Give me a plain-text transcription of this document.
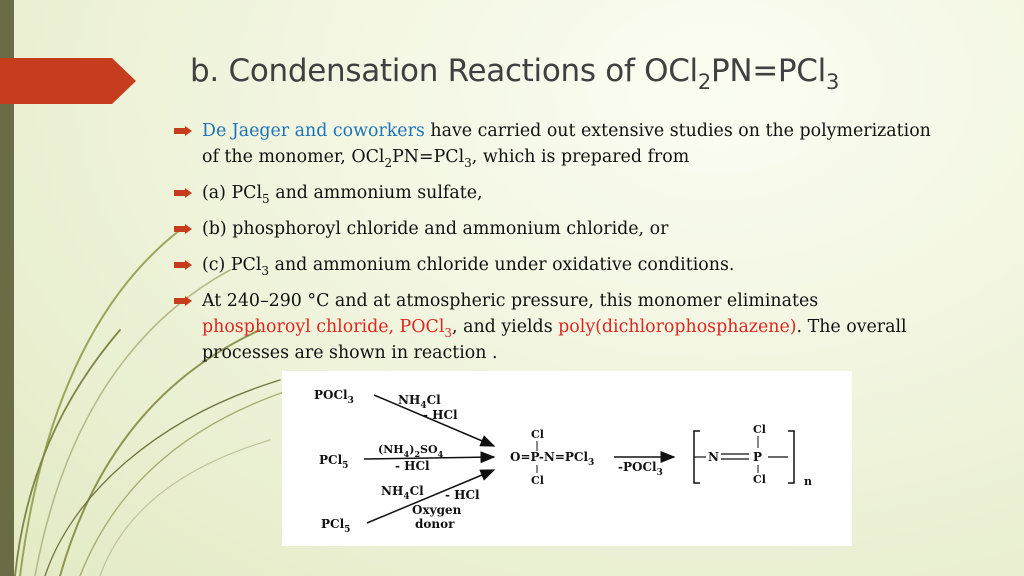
b. Condensation Reactions of OCl$_2$PN=PCl$_3$
De Jaeger and coworkers have carried out extensive studies on the polymerization of the monomer, OCl$_2$PN=PCl$_3$, which is prepared from
(a) PCl$_5$ and ammonium sulfate,
(b) phosphoroyl chloride and ammonium chloride, or
(c) PCl$_3$ and ammonium chloride under oxidative conditions.
At 240–290 °C and at atmospheric pressure, this monomer eliminates phosphoroyl chloride, POCl$_3$, and yields poly(dichlorophosphazene). The overall processes are shown in reaction .
POCl$_3$
PCl$_5$
PCl$_5$
$NH_4Cl$
- HCl
$(NH_4)_2SO_4$
- HCl
$NH_4Cl$ - HCl
Oxygen
donor
Cl
O=P-N=PCl$_3$
Cl
-POCl$_3$
N	P
Cl
Cl	n
